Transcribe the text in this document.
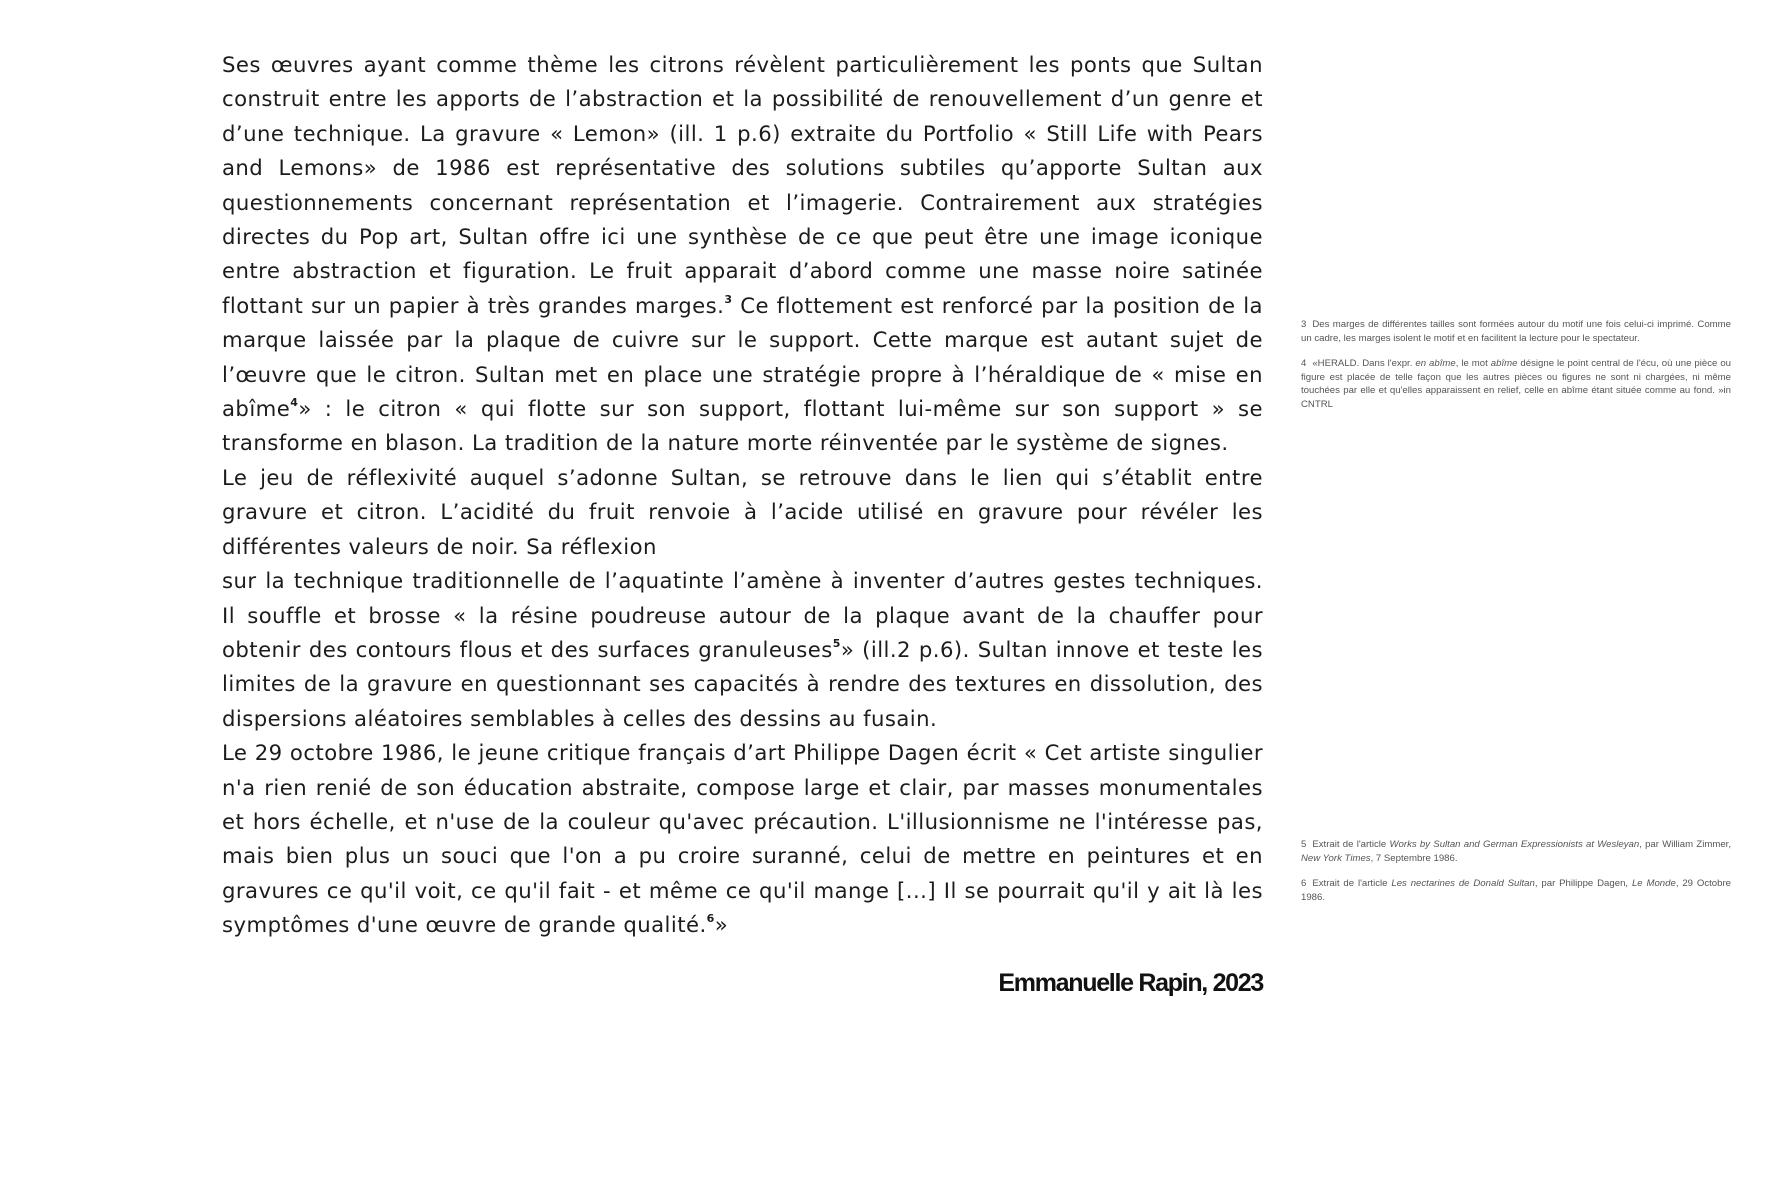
Ses œuvres ayant comme thème les citrons révèlent particulièrement les ponts que Sultan construit entre les apports de l’abstraction et la possibilité de renouvellement d’un genre et d’une technique. La gravure « Lemon» (ill. 1 p.6) extraite du Portfolio « Still Life with Pears and Lemons» de 1986 est représentative des solutions subtiles qu’apporte Sultan aux questionnements concernant représentation et l’imagerie. Contrairement aux stratégies directes du Pop art, Sultan offre ici une synthèse de ce que peut être une image iconique entre abstraction et figuration. Le fruit apparait d’abord comme une masse noire satinée flottant sur un papier à très grandes marges.$^3$ Ce flottement est renforcé par la position de la marque laissée par la plaque de cuivre sur le support. Cette marque est autant sujet de l’œuvre que le citron. Sultan met en place une stratégie propre à l’héraldique de « mise en abîme$^4$» : le citron « qui flotte sur son support, flottant lui-même sur son support » se transforme en blason. La tradition de la nature morte réinventée par le système de signes.

Le jeu de réflexivité auquel s’adonne Sultan, se retrouve dans le lien qui s’établit entre gravure et citron. L’acidité du fruit renvoie à l’acide utilisé en gravure pour révéler les différentes valeurs de noir. Sa réflexion

sur la technique traditionnelle de l’aquatinte l’amène à inventer d’autres gestes techniques. Il souffle et brosse « la résine poudreuse autour de la plaque avant de la chauffer pour obtenir des contours flous et des surfaces granuleuses$^5$» (ill.2 p.6). Sultan innove et teste les limites de la gravure en questionnant ses capacités à rendre des textures en dissolution, des dispersions aléatoires semblables à celles des dessins au fusain.

Le 29 octobre 1986, le jeune critique français d’art Philippe Dagen écrit « Cet artiste singulier n'a rien renié de son éducation abstraite, compose large et clair, par masses monumentales et hors échelle, et n'use de la couleur qu'avec précaution. L'illusionnisme ne l'intéresse pas, mais bien plus un souci que l'on a pu croire suranné, celui de mettre en peintures et en gravures ce qu'il voit, ce qu'il fait - et même ce qu'il mange [...] Il se pourrait qu'il y ait là les symptômes d'une œuvre de grande qualité.$^6$»

Emmanuelle Rapin, 2023

3 Des marges de différentes tailles sont formées autour du motif une fois celui-ci imprimé. Comme un cadre, les marges isolent le motif et en facilitent la lecture pour le spectateur.

4 «HERALD. Dans l'expr. en abîme, le mot abîme désigne le point central de l'écu, où une pièce ou figure est placée de telle façon que les autres pièces ou figures ne sont ni chargées, ni même touchées par elle et qu'elles apparaissent en relief, celle en abîme étant située comme au fond. »in CNTRL

5 Extrait de l'article Works by Sultan and German Expressionists at Wesleyan, par William Zimmer, New York Times, 7 Septembre 1986.

6 Extrait de l'article Les nectarines de Donald Sultan, par Philippe Dagen, Le Monde, 29 Octobre 1986.
